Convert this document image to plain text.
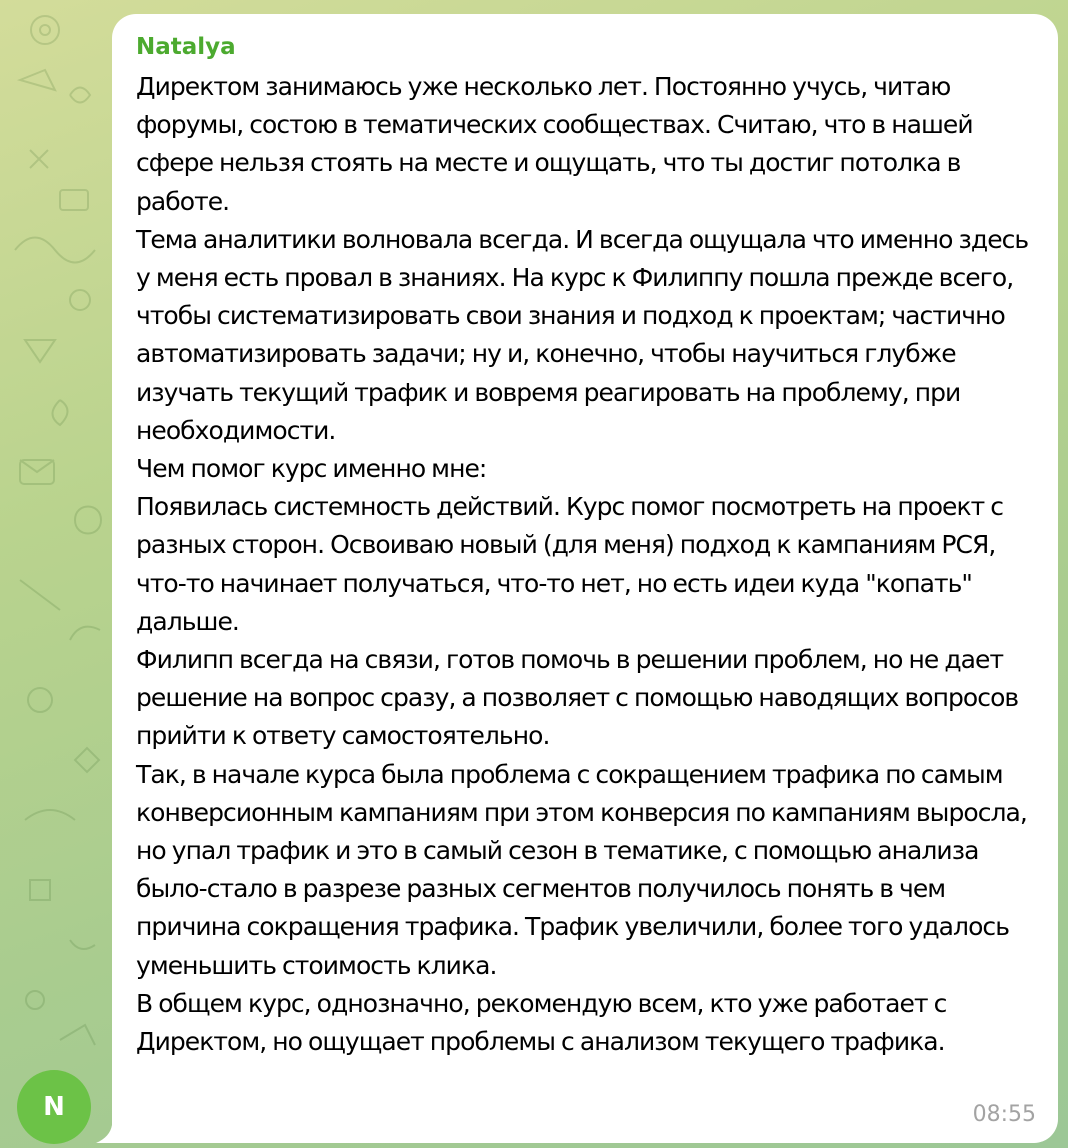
Natalya

Директом занимаюсь уже несколько лет. Постоянно учусь, читаю форумы, состою в тематических сообществах. Считаю, что в нашей сфере нельзя стоять на месте и ощущать, что ты достиг потолка в работе.

Тема аналитики волновала всегда. И всегда ощущала что именно здесь у меня есть провал в знаниях. На курс к Филиппу пошла прежде всего, чтобы систематизировать свои знания и подход к проектам; частично автоматизировать задачи; ну и, конечно, чтобы научиться глубже изучать текущий трафик и вовремя реагировать на проблему, при необходимости.

Чем помог курс именно мне:

Появилась системность действий. Курс помог посмотреть на проект с разных сторон. Освоиваю новый (для меня) подход к кампаниям РСЯ, что-то начинает получаться, что-то нет, но есть идеи куда "копать" дальше.

Филипп всегда на связи, готов помочь в решении проблем, но не дает решение на вопрос сразу, а позволяет с помощью наводящих вопросов прийти к ответу самостоятельно.

Так, в начале курса была проблема с сокращением трафика по самым конверсионным кампаниям при этом конверсия по кампаниям выросла, но упал трафик и это в самый сезон в тематике, с помощью анализа было-стало в разрезе разных сегментов получилось понять в чем причина сокращения трафика. Трафик увеличили, более того удалось уменьшить стоимость клика.

В общем курс, однозначно, рекомендую всем, кто уже работает с Директом, но ощущает проблемы с анализом текущего трафика.

08:55
N
